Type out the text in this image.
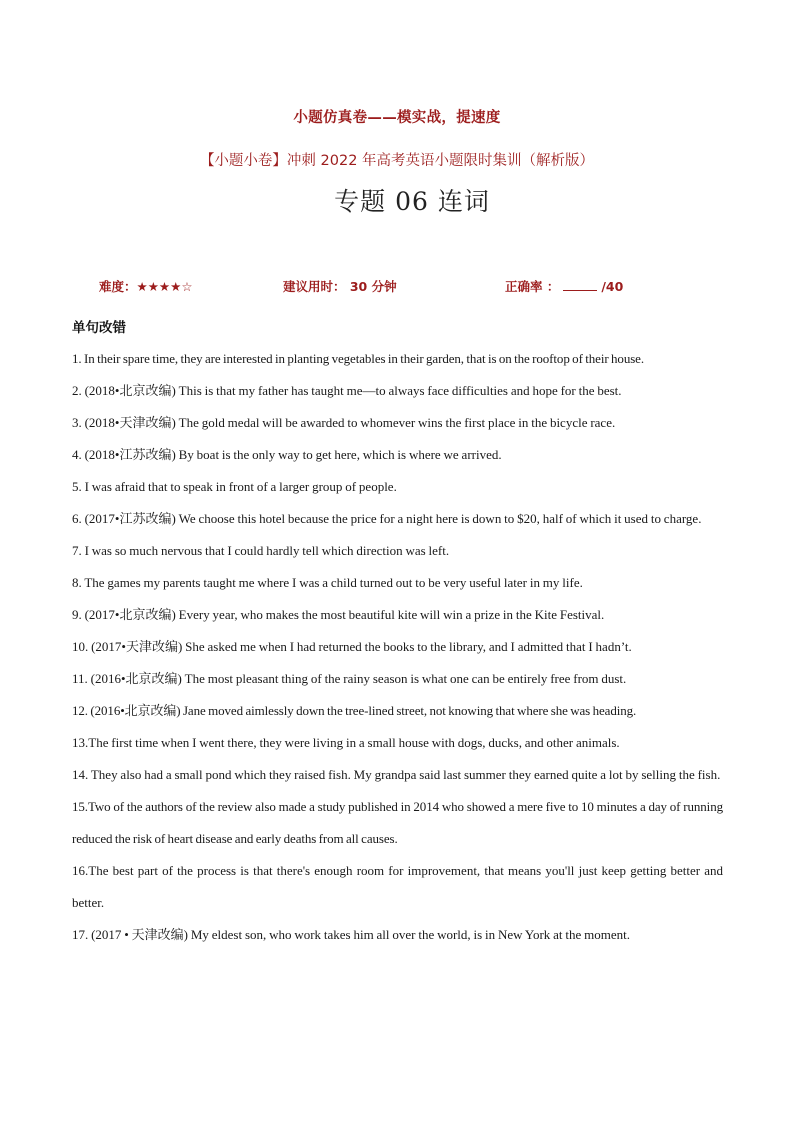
小题仿真卷——模实战，提速度
【小题小卷】冲刺 2022 年高考英语小题限时集训（解析版）
专题 06 连词
难度：★★★★☆	建议用时： 30 分钟	正确率 ：	/40
单句改错
1. In their spare time, they are interested in planting vegetables in their garden, that is on the rooftop of their house.
2. (2018•北京改编) This is that my father has taught me—to always face difficulties and hope for the best.
3. (2018•天津改编) The gold medal will be awarded to whomever wins the first place in the bicycle race.
4. (2018•江苏改编) By boat is the only way to get here, which is where we arrived.
5. I was afraid that to speak in front of a larger group of people.
6. (2017•江苏改编) We choose this hotel because the price for a night here is down to $20, half of which it used to charge.
7. I was so much nervous that I could hardly tell which direction was left.
8. The games my parents taught me where I was a child turned out to be very useful later in my life.
9. (2017•北京改编) Every year, who makes the most beautiful kite will win a prize in the Kite Festival.
10. (2017•天津改编) She asked me when I had returned the books to the library, and I admitted that I hadn’t.
11. (2016•北京改编) The most pleasant thing of the rainy season is what one can be entirely free from dust.
12. (2016•北京改编) Jane moved aimlessly down the tree-lined street, not knowing that where she was heading.
13.The first time when I went there, they were living in a small house with dogs, ducks, and other animals.
14. They also had a small pond which they raised fish. My grandpa said last summer they earned quite a lot by selling the fish.
15.Two of the authors of the review also made a study published in 2014 who showed a mere five to 10 minutes a day of running reduced the risk of heart disease and early deaths from all causes.
16.The best part of the process is that there's enough room for improvement, that means you'll just keep getting better and better.
17. (2017 • 天津改编) My eldest son, who work takes him all over the world, is in New York at the moment.
